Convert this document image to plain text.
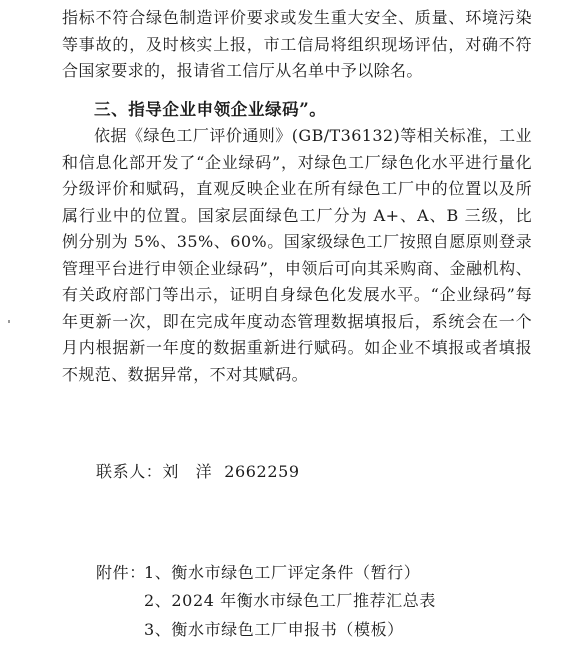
指标不符合绿色制造评价要求或发生重大安全、质量、环境污染等事故的，及时核实上报，市工信局将组织现场评估，对确不符合国家要求的，报请省工信厅从名单中予以除名。

三、指导企业申领企业绿码”。

依据《绿色工厂评价通则》(GB/T36132)等相关标准，工业和信息化部开发了“企业绿码”，对绿色工厂绿色化水平进行量化分级评价和赋码，直观反映企业在所有绿色工厂中的位置以及所属行业中的位置。国家层面绿色工厂分为 A+、A、B 三级，比例分别为 5%、35%、60%。国家级绿色工厂按照自愿原则登录管理平台进行申领企业绿码”，申领后可向其采购商、金融机构、有关政府部门等出示，证明自身绿色化发展水平。“企业绿码”每年更新一次，即在完成年度动态管理数据填报后，系统会在一个月内根据新一年度的数据重新进行赋码。如企业不填报或者填报不规范、数据异常，不对其赋码。

联系人：刘　洋 2662259

附件：

1、衡水市绿色工厂评定条件（暂行）

2、2024 年衡水市绿色工厂推荐汇总表

3、衡水市绿色工厂申报书（模板）
